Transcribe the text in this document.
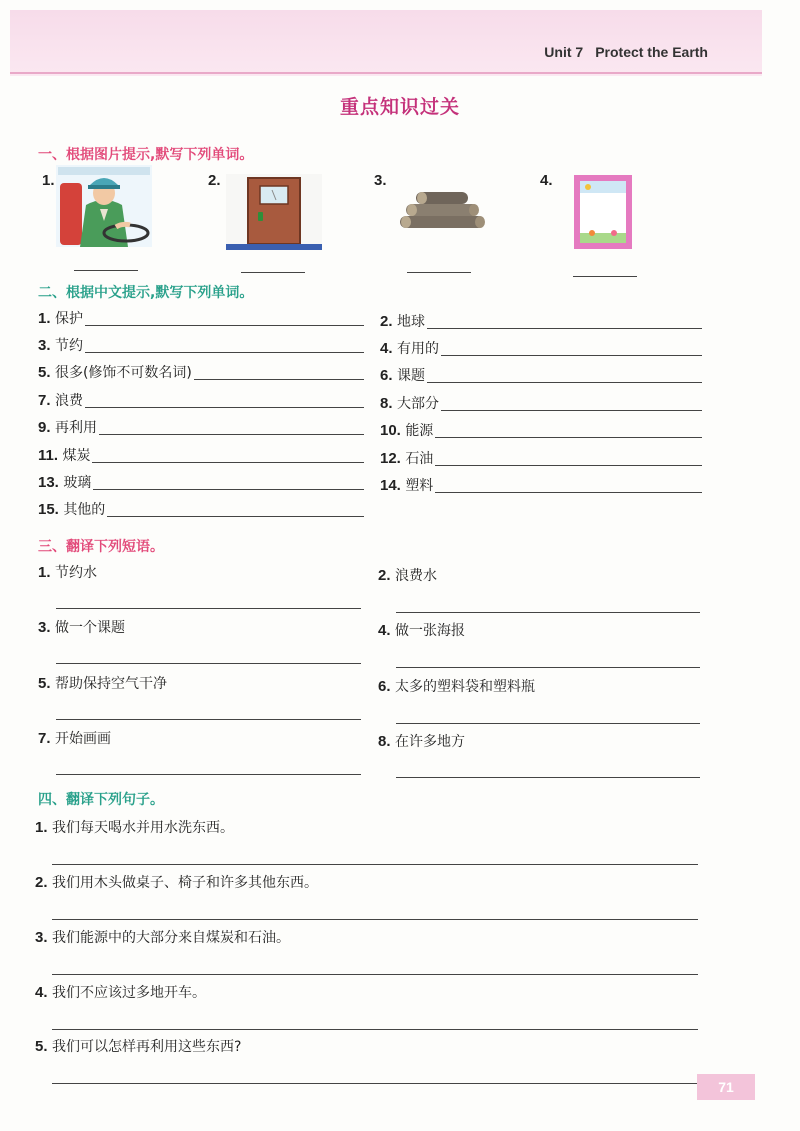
Unit 7 Protect the Earth
重点知识过关
一、根据图片提示,默写下列单词。
1.	2.	3.	4.
二、根据中文提示,默写下列单词。
1. 保护	2. 地球
3. 节约	4. 有用的
5. 很多(修饰不可数名词)	6. 课题
7. 浪费	8. 大部分
9. 再利用	10. 能源
11. 煤炭	12. 石油
13. 玻璃	14. 塑料
15. 其他的
三、翻译下列短语。
1. 节约水	2. 浪费水
3. 做一个课题	4. 做一张海报
5. 帮助保持空气干净	6. 太多的塑料袋和塑料瓶
7. 开始画画	8. 在许多地方
四、翻译下列句子。
1. 我们每天喝水并用水洗东西。
2. 我们用木头做桌子、椅子和许多其他东西。
3. 我们能源中的大部分来自煤炭和石油。
4. 我们不应该过多地开车。
5. 我们可以怎样再利用这些东西?
71
